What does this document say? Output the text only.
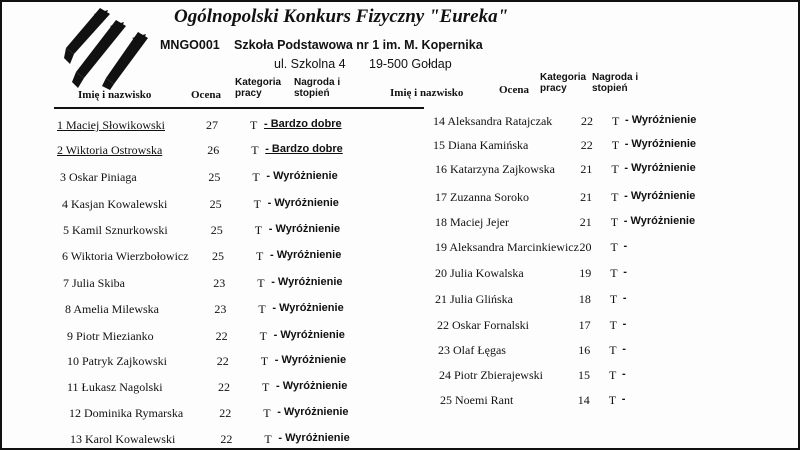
Ogólnopolski Konkurs Fizyczny "Eureka"
MNGO001 Szkoła Podstawowa nr 1 im. M. Kopernika
ul. Szkolna 4 19-500 Gołdap
Imię i nazwisko	Ocena
Kategoria pracy
Nagroda i stopień	Imię i nazwisko	Ocena
Kategoria pracy
Nagroda i stopień
1 Maciej Słowikowski	27	T - Bardzo dobre
2 Wiktoria Ostrowska	26	T - Bardzo dobre
3 Oskar Piniaga	25	T - Wyróżnienie
4 Kasjan Kowalewski	25	T - Wyróżnienie
5 Kamil Sznurkowski	25	T - Wyróżnienie
6 Wiktoria Wierzbołowicz	25	T - Wyróżnienie
7 Julia Skiba	23	T - Wyróżnienie
8 Amelia Milewska	23	T - Wyróżnienie
9 Piotr Miezianko	22	T - Wyróżnienie
10 Patryk Zajkowski	22	T - Wyróżnienie
11 Łukasz Nagolski	22	T - Wyróżnienie
12 Dominika Rymarska	22	T - Wyróżnienie
13 Karol Kowalewski	22	T - Wyróżnienie
14 Aleksandra Ratajczak	22	T - Wyróżnienie
15 Diana Kamińska	22	T - Wyróżnienie
16 Katarzyna Zajkowska	21	T - Wyróżnienie
17 Zuzanna Soroko	21	T - Wyróżnienie
18 Maciej Jejer	21	T - Wyróżnienie
19 Aleksandra Marcinkiewicz 20	T -
20 Julia Kowalska	19	T -
21 Julia Glińska	18	T -
22 Oskar Fornalski	17	T -
23 Olaf Łęgas	16	T -
24 Piotr Zbierajewski	15	T -
25 Noemi Rant	14	T -
